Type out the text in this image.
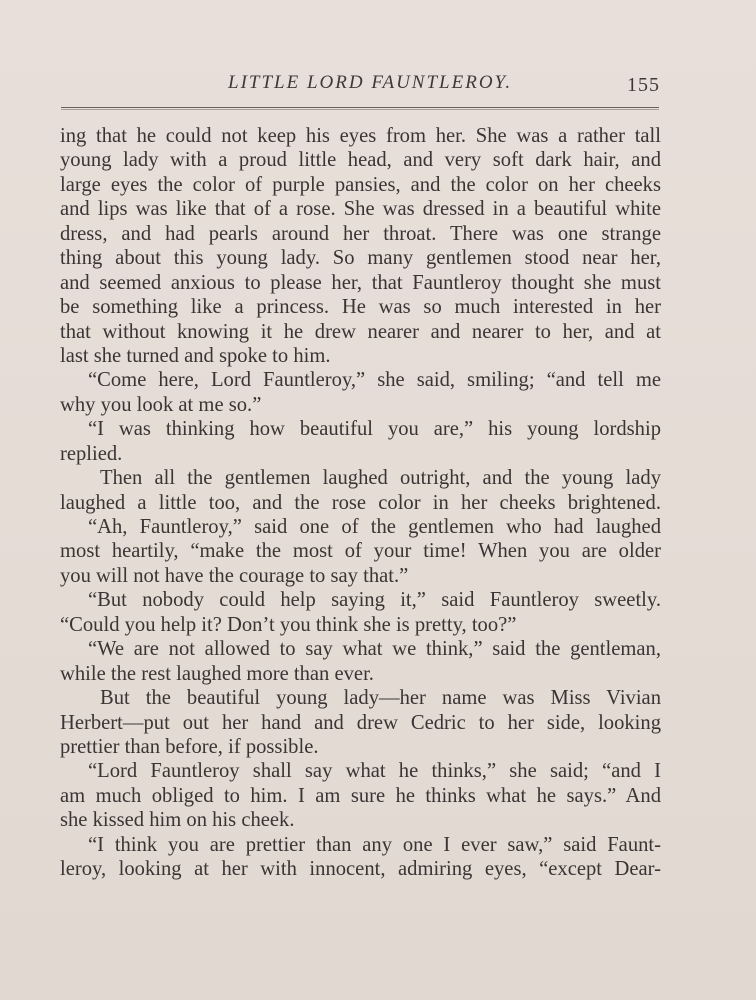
LITTLE LORD FAUNTLEROY.	155
ing that he could not keep his eyes from her. She was a rather tall
young lady with a proud little head, and very soft dark hair, and
large eyes the color of purple pansies, and the color on her cheeks
and lips was like that of a rose. She was dressed in a beautiful white
dress, and had pearls around her throat. There was one strange
thing about this young lady. So many gentlemen stood near her,
and seemed anxious to please her, that Fauntleroy thought she must
be something like a princess. He was so much interested in her
that without knowing it he drew nearer and nearer to her, and at
last she turned and spoke to him.
“Come here, Lord Fauntleroy,” she said, smiling; “and tell me
why you look at me so.”
“I was thinking how beautiful you are,” his young lordship
replied.
Then all the gentlemen laughed outright, and the young lady
laughed a little too, and the rose color in her cheeks brightened.
“Ah, Fauntleroy,” said one of the gentlemen who had laughed
most heartily, “make the most of your time! When you are older
you will not have the courage to say that.”
“But nobody could help saying it,” said Fauntleroy sweetly.
“Could you help it? Don’t you think she is pretty, too?”
“We are not allowed to say what we think,” said the gentleman,
while the rest laughed more than ever.
But the beautiful young lady—her name was Miss Vivian
Herbert—put out her hand and drew Cedric to her side, looking
prettier than before, if possible.
“Lord Fauntleroy shall say what he thinks,” she said; “and I
am much obliged to him. I am sure he thinks what he says.” And
she kissed him on his cheek.
“I think you are prettier than any one I ever saw,” said Faunt-
leroy, looking at her with innocent, admiring eyes, “except Dear-
